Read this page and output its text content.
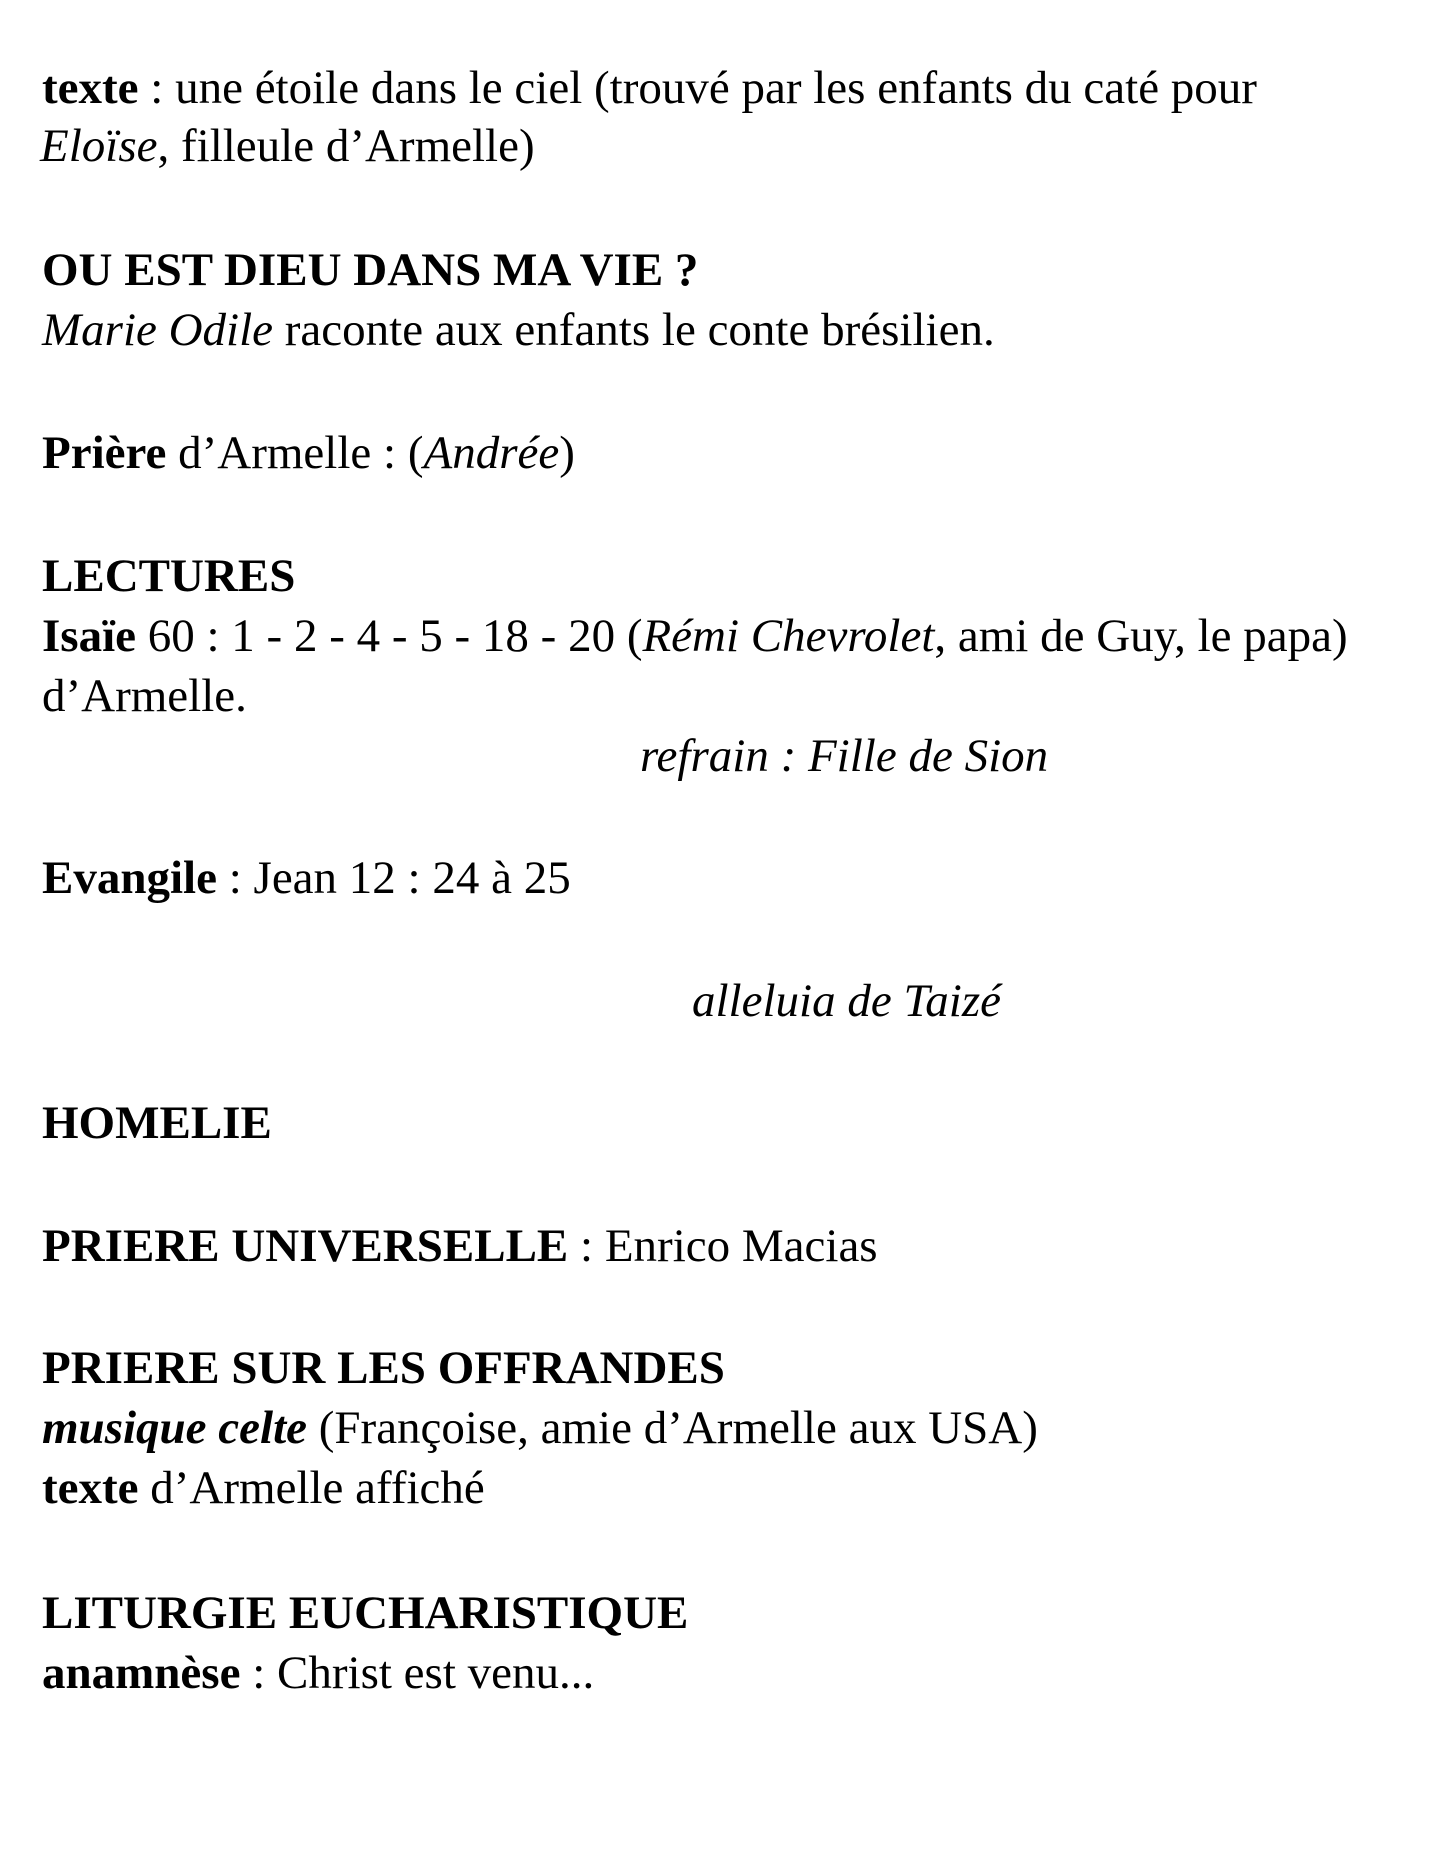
texte : une étoile dans le ciel (trouvé par les enfants du caté pour
Eloïse, filleule d’Armelle)
OU EST DIEU DANS MA VIE ?
Marie Odile raconte aux enfants le conte brésilien.
Prière d’Armelle : (Andrée)
LECTURES
Isaïe 60 : 1 - 2 - 4 - 5 - 18 - 20 (Rémi Chevrolet, ami de Guy, le papa)
d’Armelle.
refrain : Fille de Sion
Evangile : Jean 12 : 24 à 25
alleluia de Taizé
HOMELIE
PRIERE UNIVERSELLE : Enrico Macias
PRIERE SUR LES OFFRANDES
musique celte (Françoise, amie d’Armelle aux USA)
texte d’Armelle affiché
LITURGIE EUCHARISTIQUE
anamnèse : Christ est venu...
